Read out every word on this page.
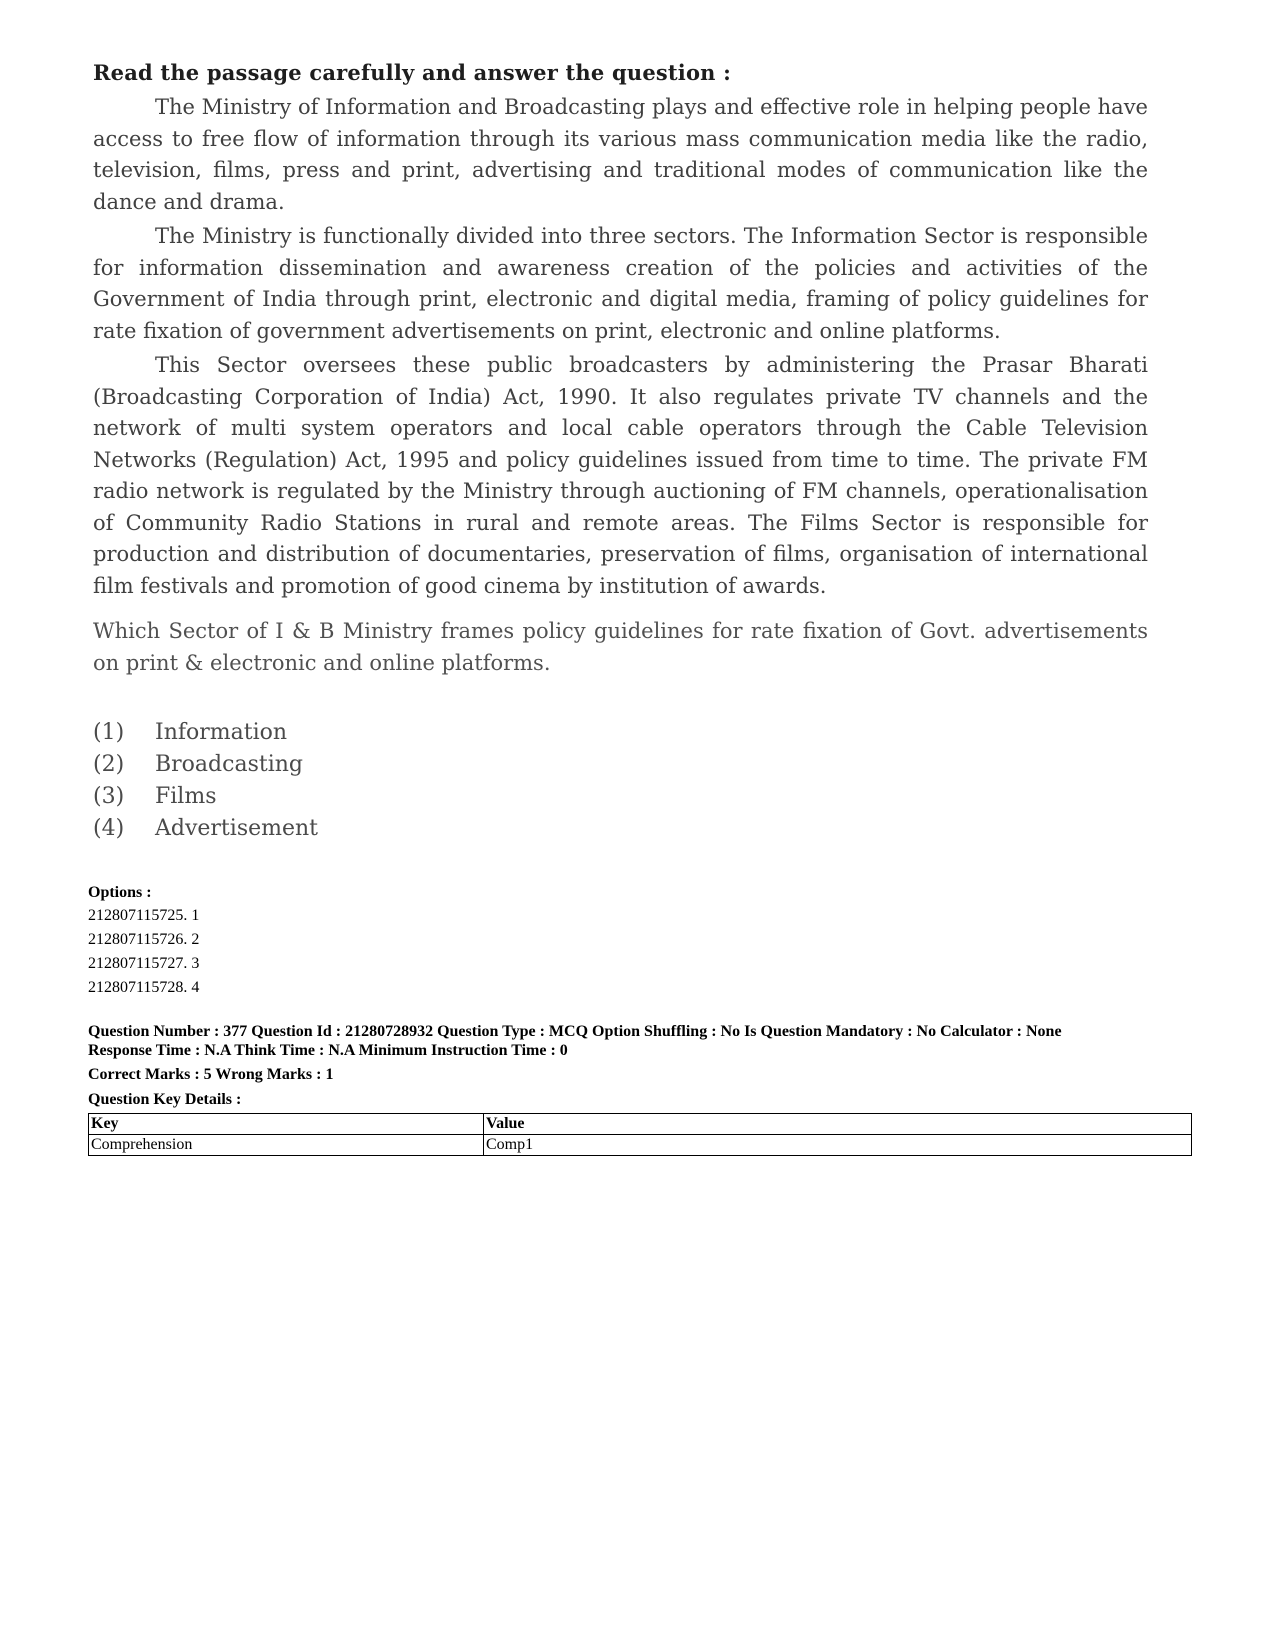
Read the passage carefully and answer the question :

The Ministry of Information and Broadcasting plays and effective role in helping people have access to free flow of information through its various mass communication media like the radio, television, films, press and print, advertising and traditional modes of communication like the dance and drama.

The Ministry is functionally divided into three sectors. The Information Sector is responsible for information dissemination and awareness creation of the policies and activities of the Government of India through print, electronic and digital media, framing of policy guidelines for rate fixation of government advertisements on print, electronic and online platforms.

This Sector oversees these public broadcasters by administering the Prasar Bharati (Broadcasting Corporation of India) Act, 1990. It also regulates private TV channels and the network of multi system operators and local cable operators through the Cable Television Networks (Regulation) Act, 1995 and policy guidelines issued from time to time. The private FM radio network is regulated by the Ministry through auctioning of FM channels, operationalisation of Community Radio Stations in rural and remote areas. The Films Sector is responsible for production and distribution of documentaries, preservation of films, organisation of international film festivals and promotion of good cinema by institution of awards.

Which Sector of I & B Ministry frames policy guidelines for rate fixation of Govt. advertisements on print & electronic and online platforms.

(1)	Information
(2)	Broadcasting
(3)	Films
(4)	Advertisement
Options :
212807115725. 1
212807115726. 2
212807115727. 3
212807115728. 4
Question Number : 377 Question Id : 21280728932 Question Type : MCQ Option Shuffling : No Is Question Mandatory : No Calculator : None
Response Time : N.A Think Time : N.A Minimum Instruction Time : 0
Correct Marks : 5 Wrong Marks : 1
Question Key Details :
Key	Value
Comprehension	Comp1
